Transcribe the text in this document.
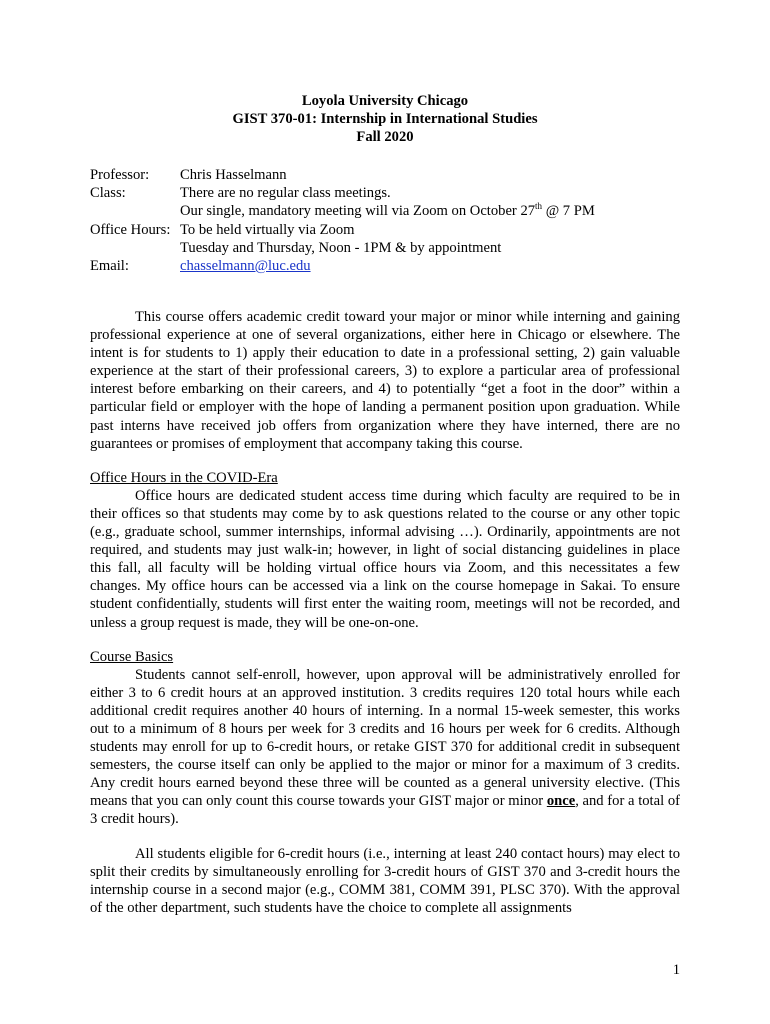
Loyola University Chicago
GIST 370-01: Internship in International Studies
Fall 2020
Professor:	Chris Hasselmann
Class:	There are no regular class meetings.
Our single, mandatory meeting will via Zoom on October 27th @ 7 PM
Office Hours: To be held virtually via Zoom
Tuesday and Thursday, Noon - 1PM & by appointment
Email:	chasselmann@luc.edu

This course offers academic credit toward your major or minor while interning and gaining professional experience at one of several organizations, either here in Chicago or elsewhere. The intent is for students to 1) apply their education to date in a professional setting, 2) gain valuable experience at the start of their professional careers, 3) to explore a particular area of professional interest before embarking on their careers, and 4) to potentially “get a foot in the door” within a particular field or employer with the hope of landing a permanent position upon graduation. While past interns have received job offers from organization where they have interned, there are no guarantees or promises of employment that accompany taking this course.

Office Hours in the COVID-Era

Office hours are dedicated student access time during which faculty are required to be in their offices so that students may come by to ask questions related to the course or any other topic (e.g., graduate school, summer internships, informal advising …). Ordinarily, appointments are not required, and students may just walk-in; however, in light of social distancing guidelines in place this fall, all faculty will be holding virtual office hours via Zoom, and this necessitates a few changes. My office hours can be accessed via a link on the course homepage in Sakai. To ensure student confidentially, students will first enter the waiting room, meetings will not be recorded, and unless a group request is made, they will be one-on-one.

Course Basics

Students cannot self-enroll, however, upon approval will be administratively enrolled for either 3 to 6 credit hours at an approved institution. 3 credits requires 120 total hours while each additional credit requires another 40 hours of interning. In a normal 15-week semester, this works out to a minimum of 8 hours per week for 3 credits and 16 hours per week for 6 credits. Although students may enroll for up to 6-credit hours, or retake GIST 370 for additional credit in subsequent semesters, the course itself can only be applied to the major or minor for a maximum of 3 credits. Any credit hours earned beyond these three will be counted as a general university elective. (This means that you can only count this course towards your GIST major or minor once, and for a total of 3 credit hours).

All students eligible for 6-credit hours (i.e., interning at least 240 contact hours) may elect to split their credits by simultaneously enrolling for 3-credit hours of GIST 370 and 3-credit hours the internship course in a second major (e.g., COMM 381, COMM 391, PLSC 370). With the approval of the other department, such students have the choice to complete all assignments

1
